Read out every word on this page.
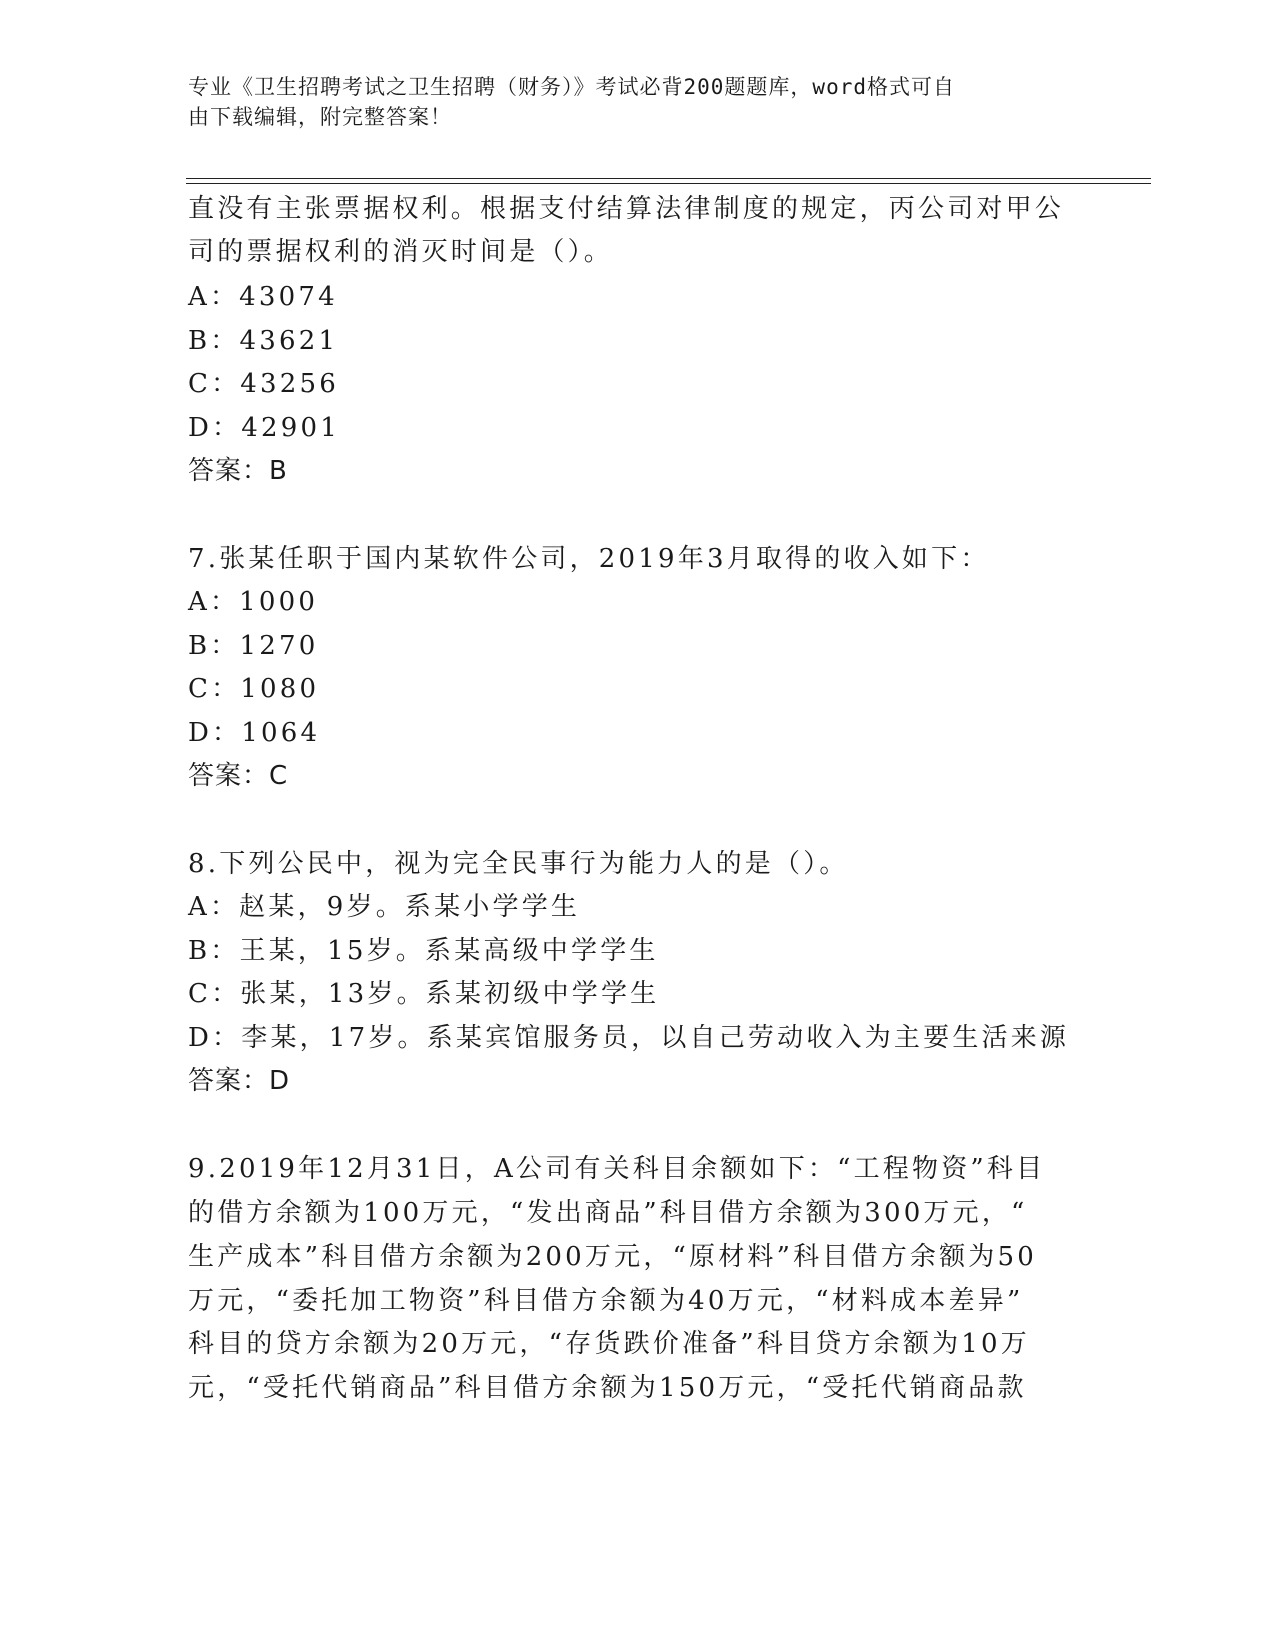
专业《卫生招聘考试之卫生招聘（财务）》考试必背200题题库，word格式可自
由下载编辑，附完整答案！
直没有主张票据权利。根据支付结算法律制度的规定，丙公司对甲公
司的票据权利的消灭时间是（）。
A：43074
B：43621
C：43256
D：42901
答案：B
7.张某任职于国内某软件公司，2019年3月取得的收入如下：
A：1000
B：1270
C：1080
D：1064
答案：C
8.下列公民中，视为完全民事行为能力人的是（）。
A：赵某，9岁。系某小学学生
B：王某，15岁。系某高级中学学生
C：张某，13岁。系某初级中学学生
D：李某，17岁。系某宾馆服务员，以自己劳动收入为主要生活来源
答案：D
9.2019年12月31日，A公司有关科目余额如下：“工程物资”科目
的借方余额为100万元，“发出商品”科目借方余额为300万元，“
生产成本”科目借方余额为200万元，“原材料”科目借方余额为50
万元，“委托加工物资”科目借方余额为40万元，“材料成本差异”
科目的贷方余额为20万元，“存货跌价准备”科目贷方余额为10万
元，“受托代销商品”科目借方余额为150万元，“受托代销商品款
